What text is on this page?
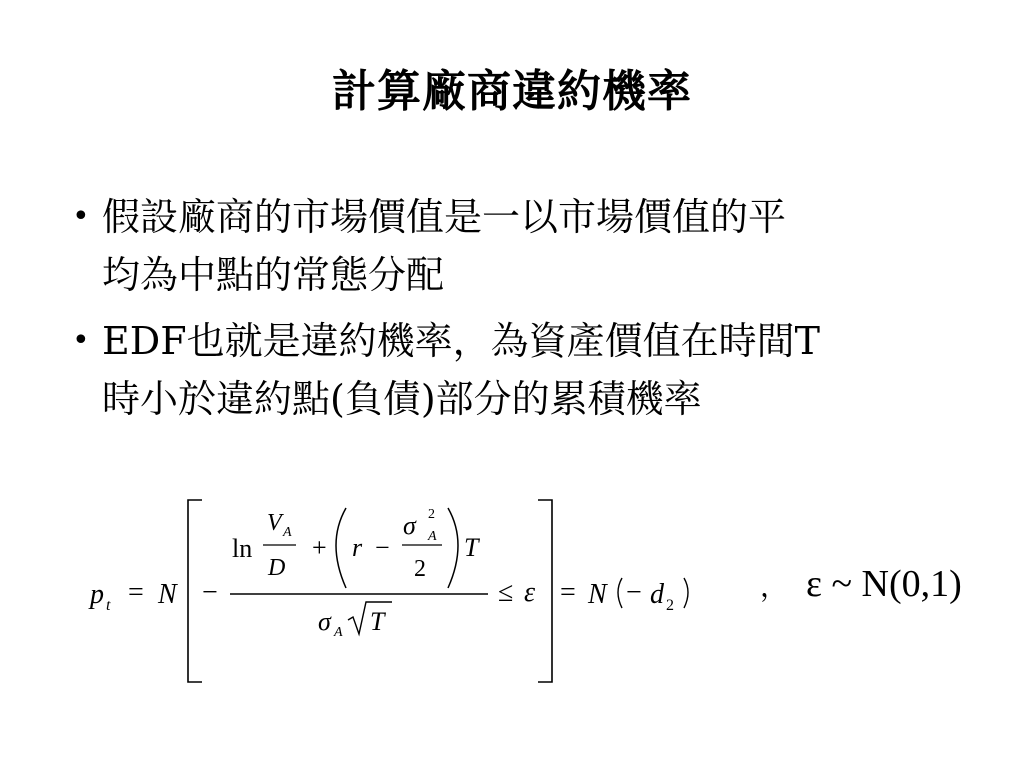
計算廠商違約機率
• 假設廠商的市場價值是一以市場價值的平
均為中點的常態分配
• EDF也就是違約機率，為資產價值在時間T
時小於違約點(負債)部分的累積機率
p t = N −
ln
V A
D
+ r −
σ 2
A
2
T
σ A T
≤ ε = N − d 2
， ε ~ N(0,1)
